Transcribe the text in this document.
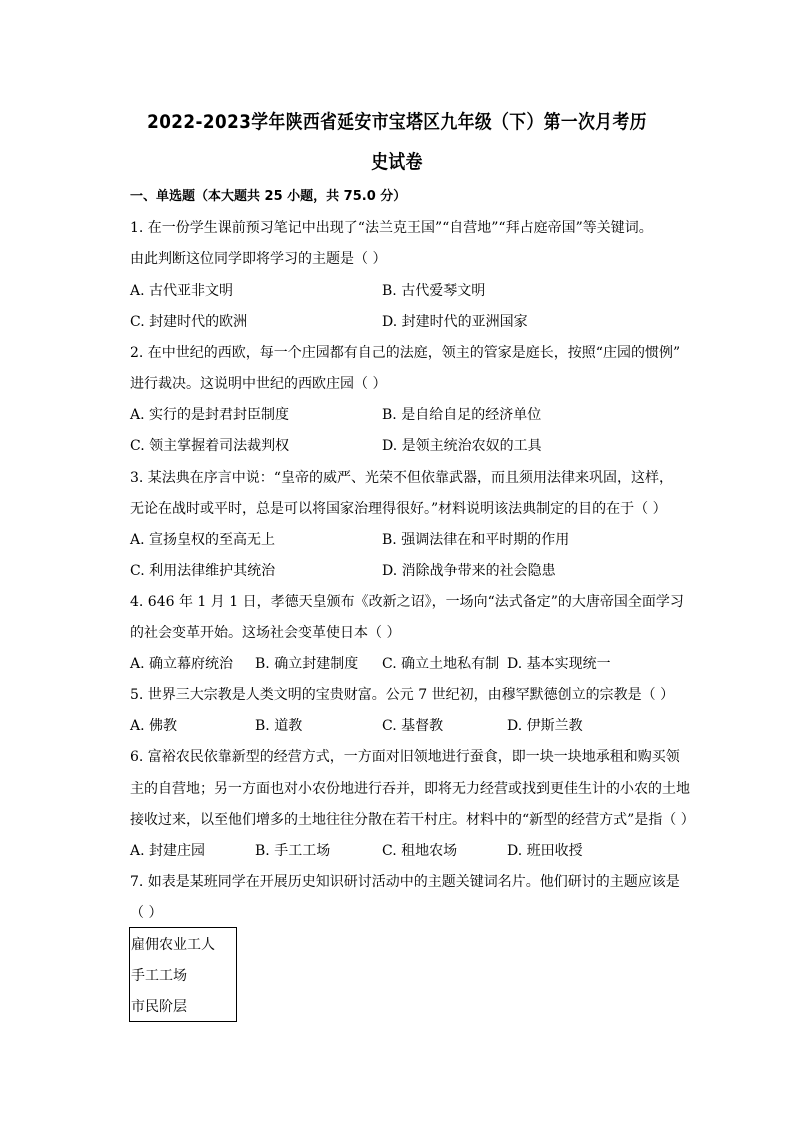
2022-2023学年陕西省延安市宝塔区九年级（下）第一次月考历
史试卷
一、单选题（本大题共 25 小题，共 75.0 分）
1. 在一份学生课前预习笔记中出现了“法兰克王国”“自营地”“拜占庭帝国”等关键词。
由此判断这位同学即将学习的主题是（ ）
A. 古代亚非文明	B. 古代爱琴文明
C. 封建时代的欧洲	D. 封建时代的亚洲国家
2. 在中世纪的西欧，每一个庄园都有自己的法庭，领主的管家是庭长，按照“庄园的惯例”
进行裁决。这说明中世纪的西欧庄园（ ）
A. 实行的是封君封臣制度	B. 是自给自足的经济单位
C. 领主掌握着司法裁判权	D. 是领主统治农奴的工具
3. 某法典在序言中说：“皇帝的威严、光荣不但依靠武器，而且须用法律来巩固，这样，
无论在战时或平时，总是可以将国家治理得很好。”材料说明该法典制定的目的在于（ ）
A. 宣扬皇权的至高无上	B. 强调法律在和平时期的作用
C. 利用法律维护其统治	D. 消除战争带来的社会隐患
4. 646 年 1 月 1 日，孝德天皇颁布《改新之诏》，一场向“法式备定”的大唐帝国全面学习
的社会变革开始。这场社会变革使日本（ ）
A. 确立幕府统治 B. 确立封建制度 C. 确立土地私有制 D. 基本实现统一
5. 世界三大宗教是人类文明的宝贵财富。公元 7 世纪初，由穆罕默德创立的宗教是（ ）
A. 佛教	B. 道教	C. 基督教	D. 伊斯兰教
6. 富裕农民依靠新型的经营方式，一方面对旧领地进行蚕食，即一块一块地承租和购买领
主的自营地；另一方面也对小农份地进行吞并，即将无力经营或找到更佳生计的小农的土地
接收过来，以至他们增多的土地往往分散在若干村庄。材料中的“新型的经营方式”是指（ ）
A. 封建庄园	B. 手工工场	C. 租地农场	D. 班田收授
7. 如表是某班同学在开展历史知识研讨活动中的主题关键词名片。他们研讨的主题应该是
（ ）
雇佣农业工人
手工工场
市民阶层
